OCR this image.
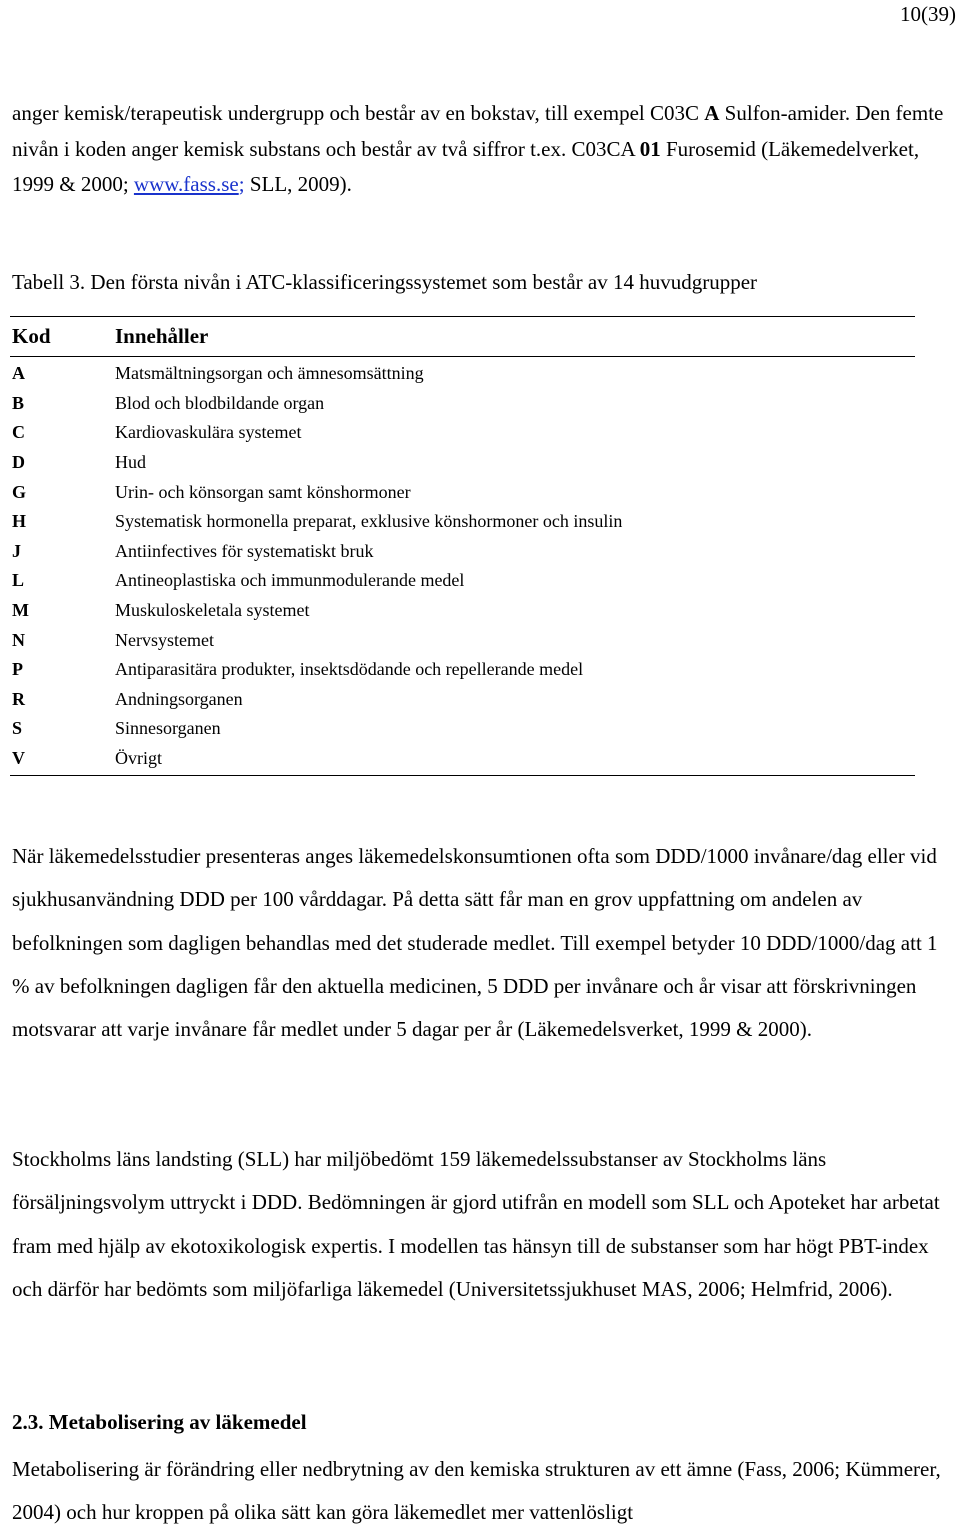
10(39)
anger kemisk/terapeutisk undergrupp och består av en bokstav, till exempel C03C A Sulfon-amider. Den femte nivån i koden anger kemisk substans och består av två siffror t.ex. C03CA 01 Furosemid (Läkemedelverket, 1999 & 2000; www.fass.se; SLL, 2009).
Tabell 3. Den första nivån i ATC-klassificeringssystemet som består av 14 huvudgrupper
Kod	Innehåller
A	Matsmältningsorgan och ämnesomsättning
B	Blod och blodbildande organ
C	Kardiovaskulära systemet
D	Hud
G	Urin- och könsorgan samt könshormoner
H	Systematisk hormonella preparat, exklusive könshormoner och insulin
J	Antiinfectives för systematiskt bruk
L	Antineoplastiska och immunmodulerande medel
M	Muskuloskeletala systemet
N	Nervsystemet
P	Antiparasitära produkter, insektsdödande och repellerande medel
R	Andningsorganen
S	Sinnesorganen
V	Övrigt

När läkemedelsstudier presenteras anges läkemedelskonsumtionen ofta som DDD/1000 invånare/dag eller vid sjukhusanvändning DDD per 100 vårddagar. På detta sätt får man en grov uppfattning om andelen av befolkningen som dagligen behandlas med det studerade medlet. Till exempel betyder 10 DDD/1000/dag att 1 % av befolkningen dagligen får den aktuella medicinen, 5 DDD per invånare och år visar att förskrivningen motsvarar att varje invånare får medlet under 5 dagar per år (Läkemedelsverket, 1999 & 2000).

Stockholms läns landsting (SLL) har miljöbedömt 159 läkemedelssubstanser av Stockholms läns försäljningsvolym uttryckt i DDD. Bedömningen är gjord utifrån en modell som SLL och Apoteket har arbetat fram med hjälp av ekotoxikologisk expertis. I modellen tas hänsyn till de substanser som har högt PBT-index och därför har bedömts som miljöfarliga läkemedel (Universitetssjukhuset MAS, 2006; Helmfrid, 2006).

2.3. Metabolisering av läkemedel

Metabolisering är förändring eller nedbrytning av den kemiska strukturen av ett ämne (Fass, 2006; Kümmerer, 2004) och hur kroppen på olika sätt kan göra läkemedlet mer vattenlösligt
